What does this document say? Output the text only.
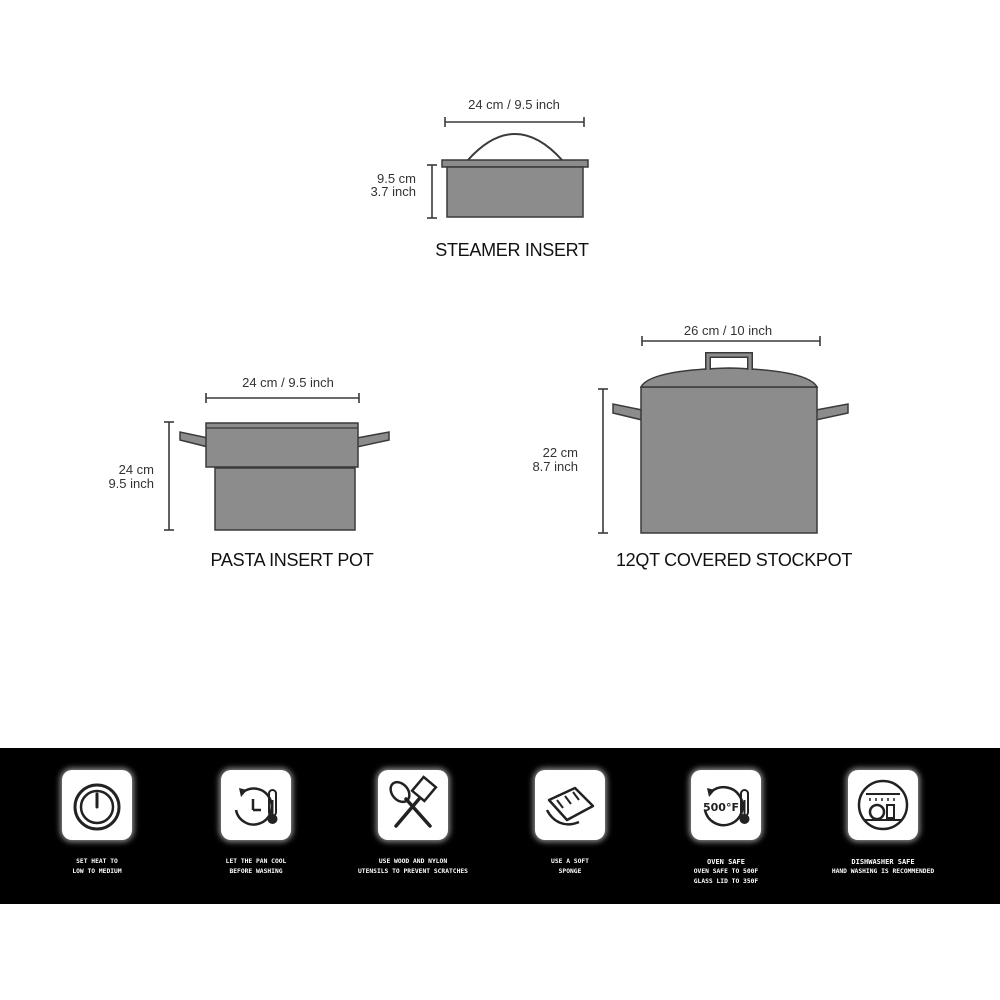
24 cm / 9.5 inch
9.5 cm
3.7 inch
STEAMER INSERT
24 cm / 9.5 inch
24 cm
9.5 inch
PASTA INSERT POT
26 cm / 10 inch
22 cm
8.7 inch
12QT COVERED STOCKPOT
SET HEAT TO
LOW TO MEDIUM
LET THE PAN COOL
BEFORE WASHING
USE WOOD AND NYLON
UTENSILS TO PREVENT SCRATCHES
USE A SOFT
SPONGE
500°F
OVEN SAFE
OVEN SAFE TO 500F
GLASS LID TO 350F
DISHWASHER SAFE
HAND WASHING IS RECOMMENDED
